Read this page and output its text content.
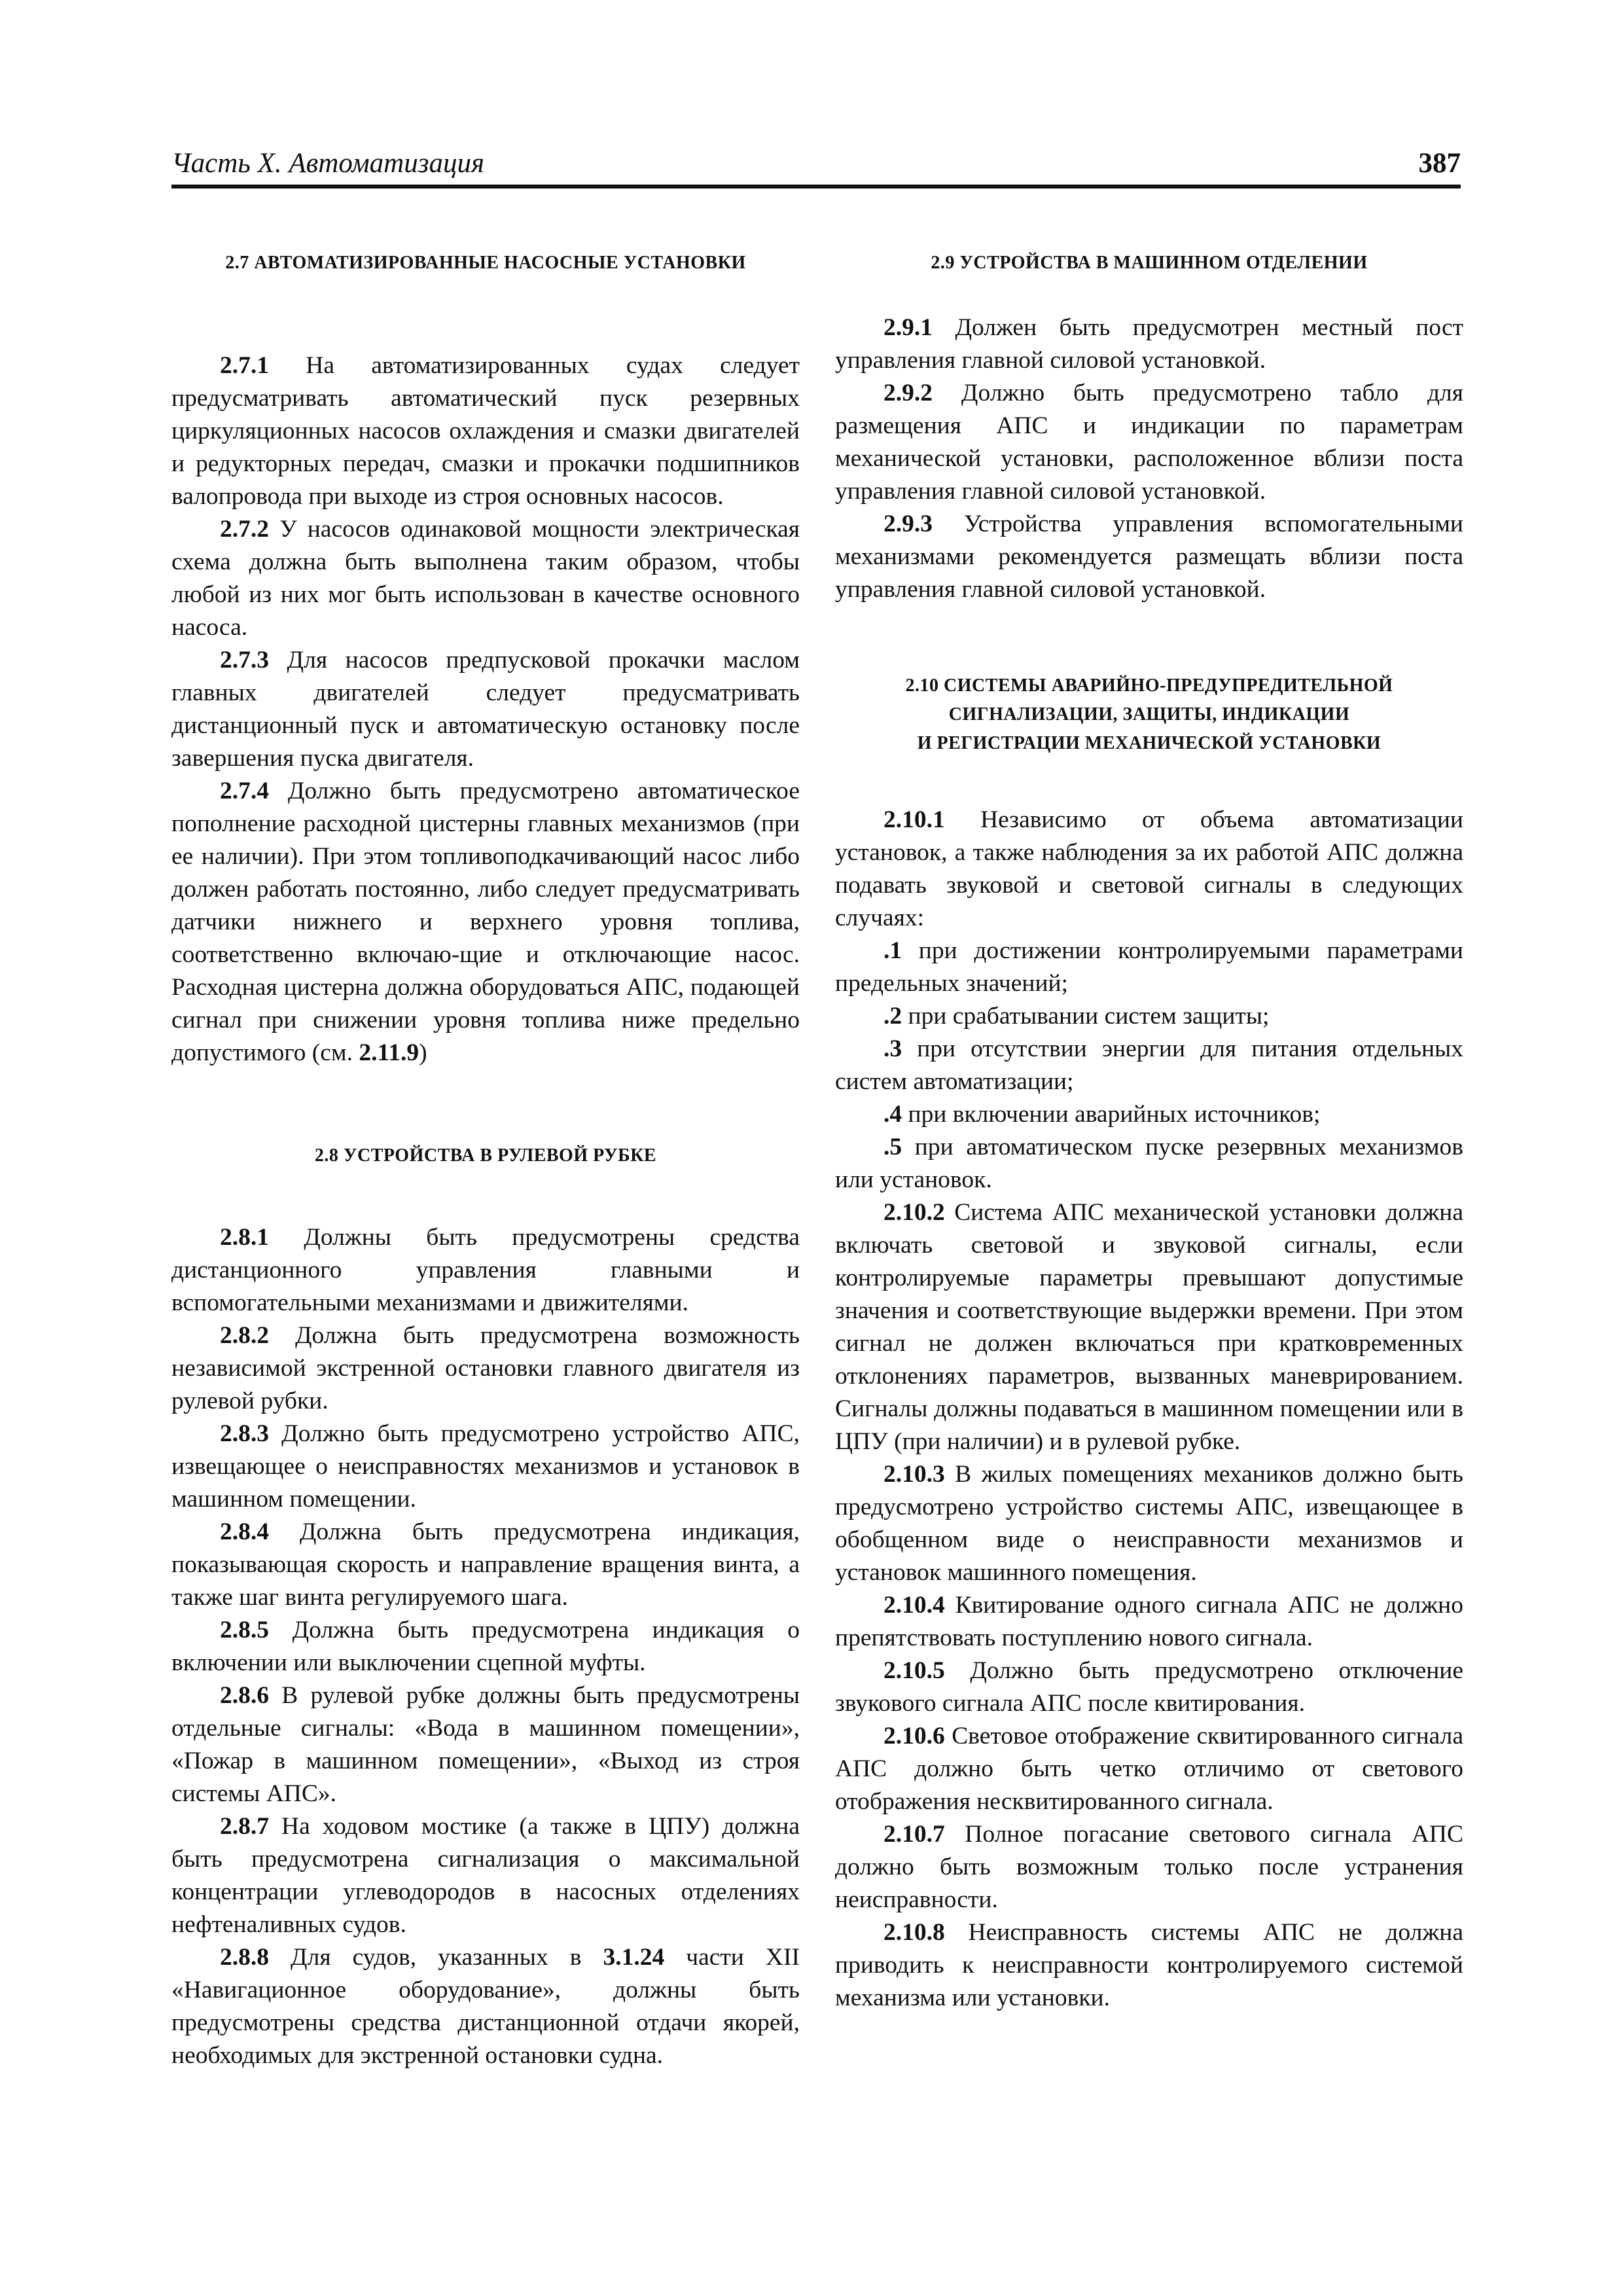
Часть X. Автоматизация	387
2.7 АВТОМАТИЗИРОВАННЫЕ НАСОСНЫЕ УСТАНОВКИ

2.7.1 На автоматизированных судах следует предусматривать автоматический пуск резервных циркуляционных насосов охлаждения и смазки двигателей и редукторных передач, смазки и прокачки подшипников валопровода при выходе из строя основных насосов.

2.7.2 У насосов одинаковой мощности электрическая схема должна быть выполнена таким образом, чтобы любой из них мог быть использован в качестве основного насоса.

2.7.3 Для насосов предпусковой прокачки маслом главных двигателей следует предусматривать дистанционный пуск и автоматическую остановку после завершения пуска двигателя.

2.7.4 Должно быть предусмотрено автоматическое пополнение расходной цистерны главных механизмов (при ее наличии). При этом топливоподкачивающий насос либо должен работать постоянно, либо следует предусматривать датчики нижнего и верхнего уровня топлива, соответственно включаю-щие и отключающие насос. Расходная цистерна должна оборудоваться АПС, подающей сигнал при снижении уровня топлива ниже предельно допустимого (см. 2.11.9)

2.8 УСТРОЙСТВА В РУЛЕВОЙ РУБКЕ

2.8.1 Должны быть предусмотрены средства дистанционного управления главными и вспомогательными механизмами и движителями.

2.8.2 Должна быть предусмотрена возможность независимой экстренной остановки главного двигателя из рулевой рубки.

2.8.3 Должно быть предусмотрено устройство АПС, извещающее о неисправностях механизмов и установок в машинном помещении.

2.8.4 Должна быть предусмотрена индикация, показывающая скорость и направление вращения винта, а также шаг винта регулируемого шага.

2.8.5 Должна быть предусмотрена индикация о включении или выключении сцепной муфты.

2.8.6 В рулевой рубке должны быть предусмотрены отдельные сигналы: «Вода в машинном помещении», «Пожар в машинном помещении», «Выход из строя системы АПС».

2.8.7 На ходовом мостике (а также в ЦПУ) должна быть предусмотрена сигнализация о максимальной концентрации углеводородов в насосных отделениях нефтеналивных судов.

2.8.8 Для судов, указанных в 3.1.24 части XII «Навигационное оборудование», должны быть предусмотрены средства дистанционной отдачи якорей, необходимых для экстренной остановки судна.

2.9 УСТРОЙСТВА В МАШИННОМ ОТДЕЛЕНИИ

2.9.1 Должен быть предусмотрен местный пост управления главной силовой установкой.

2.9.2 Должно быть предусмотрено табло для размещения АПС и индикации по параметрам механической установки, расположенное вблизи поста управления главной силовой установкой.

2.9.3 Устройства управления вспомогательными механизмами рекомендуется размещать вблизи поста управления главной силовой установкой.

2.10 СИСТЕМЫ АВАРИЙНО-ПРЕДУПРЕДИТЕЛЬНОЙ
СИГНАЛИЗАЦИИ, ЗАЩИТЫ, ИНДИКАЦИИ
И РЕГИСТРАЦИИ МЕХАНИЧЕСКОЙ УСТАНОВКИ

2.10.1 Независимо от объема автоматизации установок, а также наблюдения за их работой АПС должна подавать звуковой и световой сигналы в следующих случаях:

.1 при достижении контролируемыми параметрами предельных значений;

.2 при срабатывании систем защиты;

.3 при отсутствии энергии для питания отдельных систем автоматизации;

.4 при включении аварийных источников;

.5 при автоматическом пуске резервных механизмов или установок.

2.10.2 Система АПС механической установки должна включать световой и звуковой сигналы, если контролируемые параметры превышают допустимые значения и соответствующие выдержки времени. При этом сигнал не должен включаться при кратковременных отклонениях параметров, вызванных маневрированием. Сигналы должны подаваться в машинном помещении или в ЦПУ (при наличии) и в рулевой рубке.

2.10.3 В жилых помещениях механиков должно быть предусмотрено устройство системы АПС, извещающее в обобщенном виде о неисправности механизмов и установок машинного помещения.

2.10.4 Квитирование одного сигнала АПС не должно препятствовать поступлению нового сигнала.

2.10.5 Должно быть предусмотрено отключение звукового сигнала АПС после квитирования.

2.10.6 Световое отображение сквитированного сигнала АПС должно быть четко отличимо от светового отображения несквитированного сигнала.

2.10.7 Полное погасание светового сигнала АПС должно быть возможным только после устранения неисправности.

2.10.8 Неисправность системы АПС не должна приводить к неисправности контролируемого системой механизма или установки.
